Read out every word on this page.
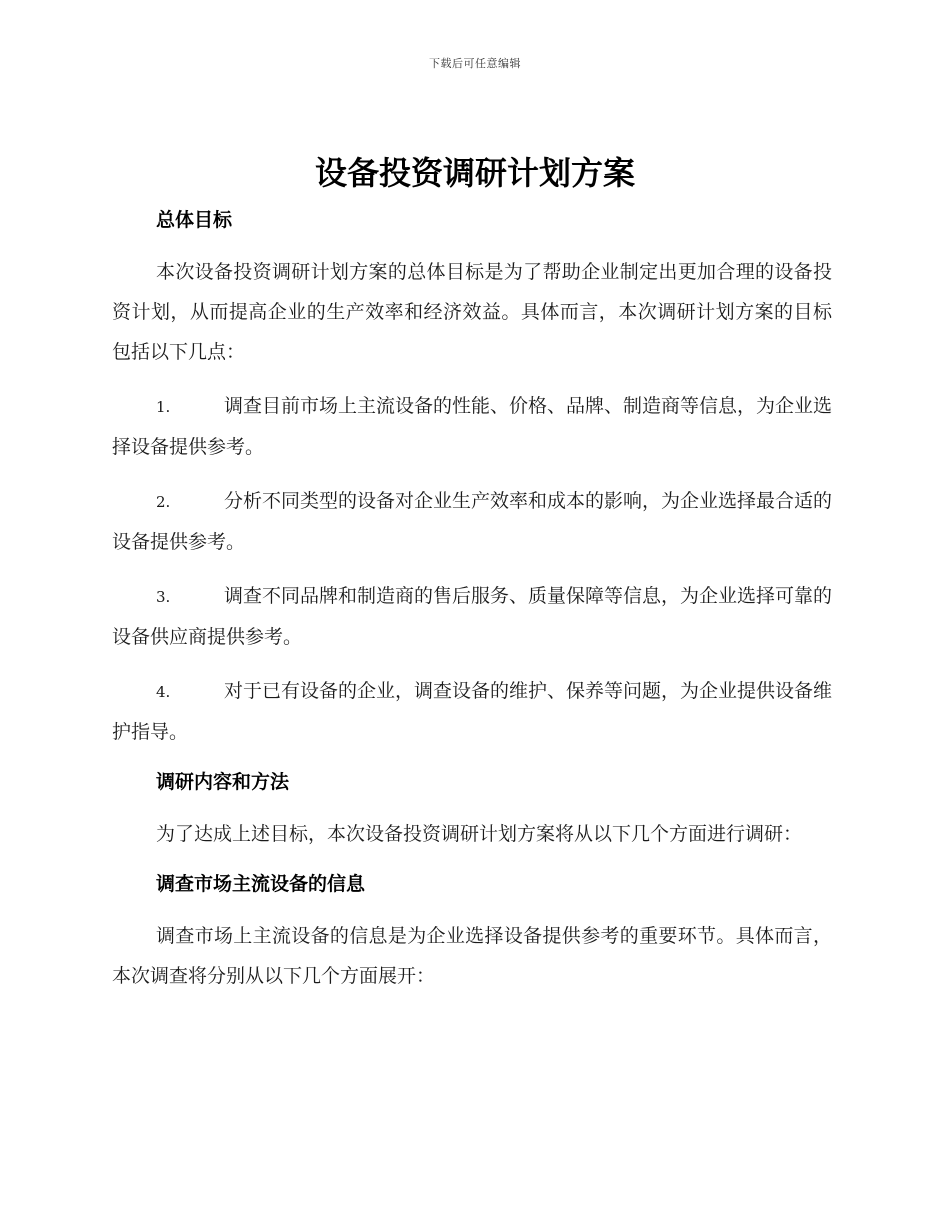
下载后可任意编辑
设备投资调研计划方案
总体目标

本次设备投资调研计划方案的总体目标是为了帮助企业制定出更加合理的设备投资计划，从而提高企业的生产效率和经济效益。具体而言，本次调研计划方案的目标包括以下几点：

1.	调查目前市场上主流设备的性能、价格、品牌、制造商等信息，为企业选择设备提供参考。

2.	分析不同类型的设备对企业生产效率和成本的影响，为企业选择最合适的设备提供参考。

3.	调查不同品牌和制造商的售后服务、质量保障等信息，为企业选择可靠的设备供应商提供参考。

4.	对于已有设备的企业，调查设备的维护、保养等问题，为企业提供设备维护指导。

调研内容和方法

为了达成上述目标，本次设备投资调研计划方案将从以下几个方面进行调研：

调查市场主流设备的信息

调查市场上主流设备的信息是为企业选择设备提供参考的重要环节。具体而言，本次调查将分别从以下几个方面展开：
